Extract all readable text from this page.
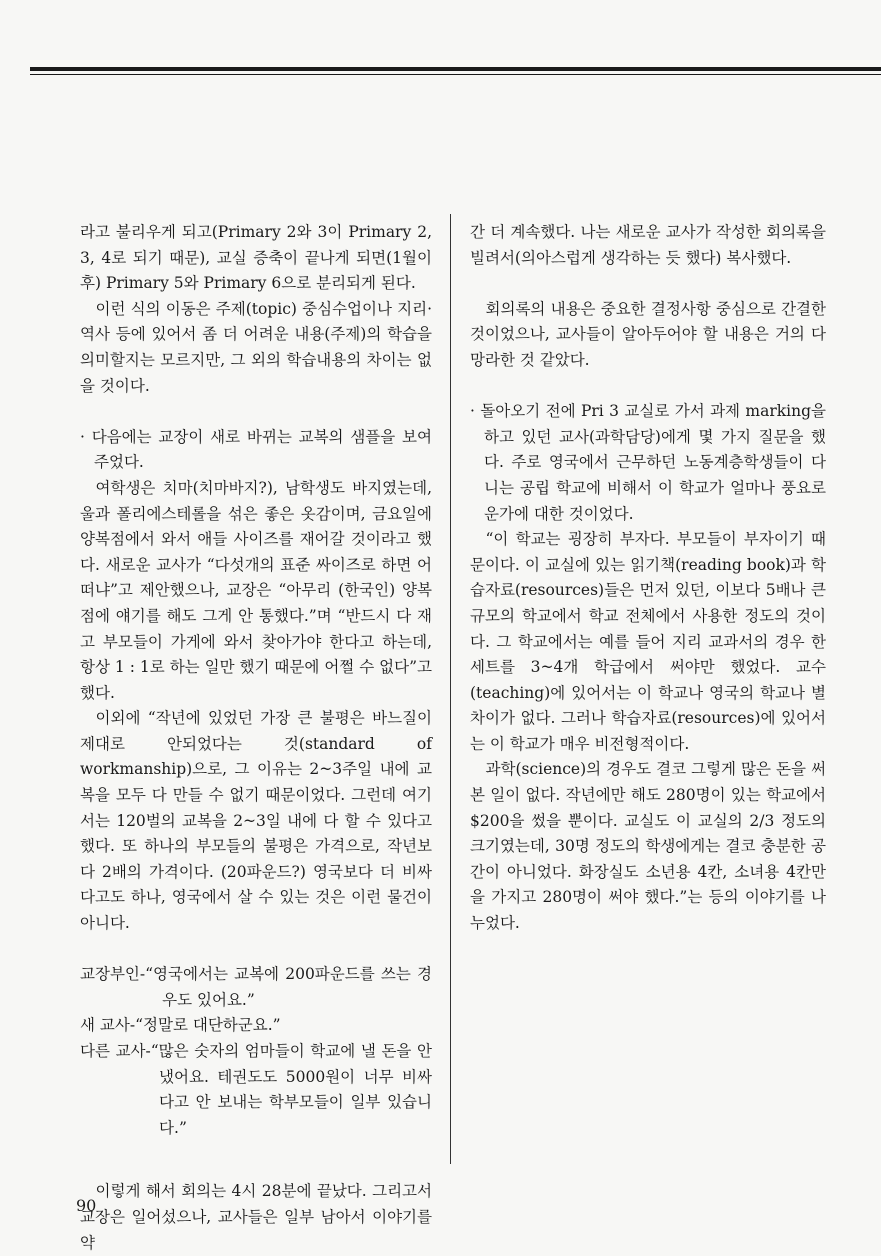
라고 불리우게 되고(Primary 2와 3이 Primary 2, 3, 4로 되기 때문), 교실 증축이 끝나게 되면(1월이후) Primary 5와 Primary 6으로 분리되게 된다.

이런 식의 이동은 주제(topic) 중심수업이나 지리·역사 등에 있어서 좀 더 어려운 내용(주제)의 학습을 의미할지는 모르지만, 그 외의 학습내용의 차이는 없을 것이다.

· 다음에는 교장이 새로 바뀌는 교복의 샘플을 보여 주었다.

여학생은 치마(치마바지?), 남학생도 바지였는데, 울과 폴리에스테롤을 섞은 좋은 옷감이며, 금요일에 양복점에서 와서 애들 사이즈를 재어갈 것이라고 했다. 새로운 교사가 “다섯개의 표준 싸이즈로 하면 어떠냐”고 제안했으나, 교장은 “아무리 (한국인) 양복점에 얘기를 해도 그게 안 통했다.”며 “반드시 다 재고 부모들이 가게에 와서 찾아가야 한다고 하는데, 항상 1 : 1로 하는 일만 했기 때문에 어쩔 수 없다”고 했다.

이외에 “작년에 있었던 가장 큰 불평은 바느질이 제대로 안되었다는 것(standard of workmanship)으로, 그 이유는 2~3주일 내에 교복을 모두 다 만들 수 없기 때문이었다. 그런데 여기서는 120벌의 교복을 2~3일 내에 다 할 수 있다고 했다. 또 하나의 부모들의 불평은 가격으로, 작년보다 2배의 가격이다. (20파운드?) 영국보다 더 비싸다고도 하나, 영국에서 살 수 있는 것은 이런 물건이 아니다.

교장부인-“영국에서는 교복에 200파운드를 쓰는 경우도 있어요.”

새 교사-“정말로 대단하군요.”

다른 교사-“많은 숫자의 엄마들이 학교에 낼 돈을 안 냈어요. 테권도도 5000원이 너무 비싸다고 안 보내는 학부모들이 일부 있습니다.”

이렇게 해서 회의는 4시 28분에 끝났다. 그리고서 교장은 일어섰으나, 교사들은 일부 남아서 이야기를 약

간 더 계속했다. 나는 새로운 교사가 작성한 회의록을 빌려서(의아스럽게 생각하는 듯 했다) 복사했다.

회의록의 내용은 중요한 결정사항 중심으로 간결한 것이었으나, 교사들이 알아두어야 할 내용은 거의 다 망라한 것 같았다.

· 돌아오기 전에 Pri 3 교실로 가서 과제 marking을 하고 있던 교사(과학담당)에게 몇 가지 질문을 했다. 주로 영국에서 근무하던 노동계층학생들이 다니는 공립 학교에 비해서 이 학교가 얼마나 풍요로운가에 대한 것이었다.

“이 학교는 굉장히 부자다. 부모들이 부자이기 때문이다. 이 교실에 있는 읽기책(reading book)과 학습자료(resources)들은 먼저 있던, 이보다 5배나 큰 규모의 학교에서 학교 전체에서 사용한 정도의 것이다. 그 학교에서는 예를 들어 지리 교과서의 경우 한 세트를 3~4개 학급에서 써야만 했었다. 교수(teaching)에 있어서는 이 학교나 영국의 학교나 별 차이가 없다. 그러나 학습자료(resources)에 있어서는 이 학교가 매우 비전형적이다.

과학(science)의 경우도 결코 그렇게 많은 돈을 써 본 일이 없다. 작년에만 해도 280명이 있는 학교에서 $200을 썼을 뿐이다. 교실도 이 교실의 2/3 정도의 크기였는데, 30명 정도의 학생에게는 결코 충분한 공간이 아니었다. 화장실도 소년용 4칸, 소녀용 4칸만을 가지고 280명이 써야 했다.”는 등의 이야기를 나누었다.

90
